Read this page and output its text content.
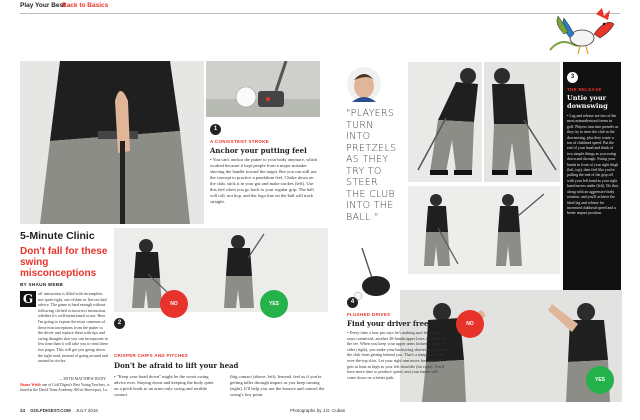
Play Your Best
Back to Basics
1
A CONSISTENT STROKE
Anchor your putting feel
• You can't anchor the putter to your body anymore, which worked because it kept people from a major mistake: shoving the handle toward the target. But you can still use the concept to practice a pendulum feel. Choke down on the club, stick it in your gut and make strokes (left). Use this feel when you go back to your regular grip. The ball will roll, not hop, and the logo line on the ball will track straight.
"PLAYERS TURN INTO PRETZELS AS THEY TRY TO STEER THE CLUB INTO THE BALL."
3
THE RELEASE
Untie your downswing
• Lag and release are two of the most misunderstood terms in golf. Players turn into pretzels as they try to steer the club in the downswing, plus they waste a ton of clubhead speed. Put the end of your hand and think of two simple things as you swing down and through. Swing your hands in front of your right thigh (left, top), then feel like you're pulling the end of the grip off with your left hand as your right hand moves under (left). Do that, along with an aggressive body rotation, and you'll achieve the ideal lag and release for increased clubhead speed and a better impact position.
5-Minute Clinic
Don't fall for these swing misconceptions
BY SHAUN WEBB
G	olf instruction is filled with incomplete, not-quite-right, out-of-date or flat-out bad advice. The game is hard enough without following clichéd or incorrect instruction, whether it's well-intentioned or not. Here I'm going to expose the most common of these misconceptions from the putter to the driver and replace them with tips and swing thoughts that you can incorporate in less time than it will take you to read these two pages. This will get you going down the right road, instead of going around and around in circles.
—WITH MATTHEW RUDY
Shaun Webb one of Golf Digest's Best Young Teachers, is based at the David Toms Academy 360 in Shreveport, La.
NO	YES
2
CRISPER CHIPS AND PITCHES
Don't be afraid to lift your head
• "Keep your head down" might be the worst swing advice ever. Staying down and keeping the body quiet on a pitch leads to an arms-only swing and terrible contact
(big contact (above, left). Instead, feel as if you're getting taller through impact as you keep turning (right). It'll help you use the bounce and control the swing's low point.
NO
YES
4
FLUSHED DRIVES
Find your driver freedom
• Every time a tour pro says he's making sure his swing stays connected, another 20-handicapper loses 20 yards off the tee. When you keep your upper arms locked to your sides (right), you make your backswing shorter and prevent the club from getting behind you. That's a template for an over-the-top slice. Let your right arm move freely, until it gets at least as high as your left shoulder (far right). You'll have more time to produce speed, and your hands will come down on a better path.
24 GOLFDIGEST.COM JULY 2016	Photographs by J.D. Cuban
